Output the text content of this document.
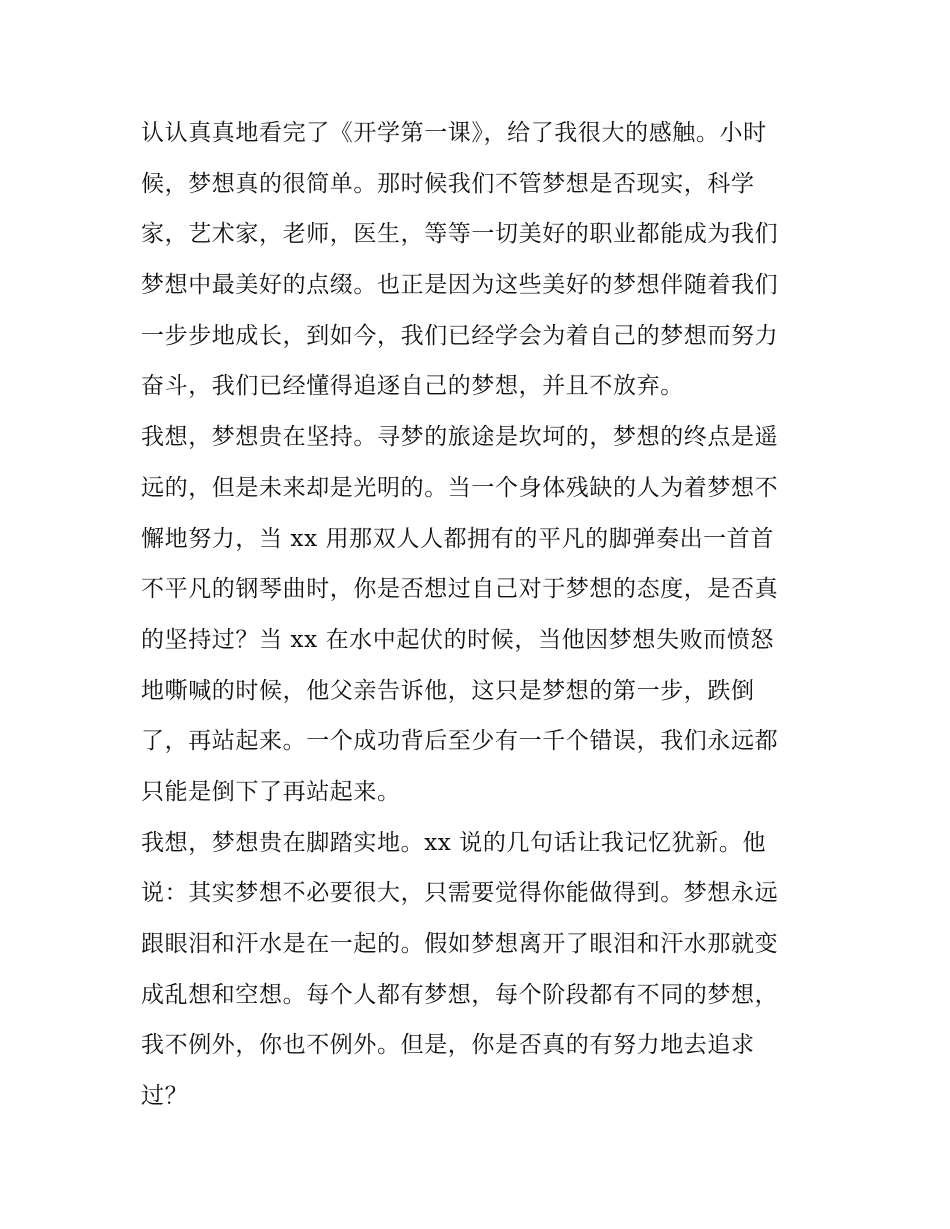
认认真真地看完了《开学第一课》，给了我很大的感触。小时
候，梦想真的很简单。那时候我们不管梦想是否现实，科学
家，艺术家，老师，医生，等等一切美好的职业都能成为我们
梦想中最美好的点缀。也正是因为这些美好的梦想伴随着我们
一步步地成长，到如今，我们已经学会为着自己的梦想而努力
奋斗，我们已经懂得追逐自己的梦想，并且不放弃。
我想，梦想贵在坚持。寻梦的旅途是坎坷的，梦想的终点是遥
远的，但是未来却是光明的。当一个身体残缺的人为着梦想不
懈地努力，当 xx 用那双人人都拥有的平凡的脚弹奏出一首首
不平凡的钢琴曲时，你是否想过自己对于梦想的态度，是否真
的坚持过？当 xx 在水中起伏的时候，当他因梦想失败而愤怒
地嘶喊的时候，他父亲告诉他，这只是梦想的第一步，跌倒
了，再站起来。一个成功背后至少有一千个错误，我们永远都
只能是倒下了再站起来。
我想，梦想贵在脚踏实地。xx 说的几句话让我记忆犹新。他
说：其实梦想不必要很大，只需要觉得你能做得到。梦想永远
跟眼泪和汗水是在一起的。假如梦想离开了眼泪和汗水那就变
成乱想和空想。每个人都有梦想，每个阶段都有不同的梦想，
我不例外，你也不例外。但是，你是否真的有努力地去追求
过？
